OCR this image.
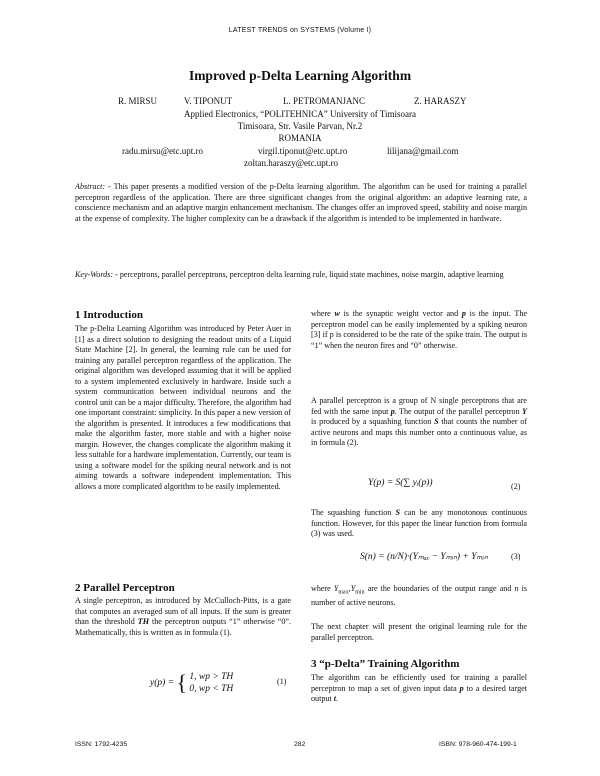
LATEST TRENDS on SYSTEMS (Volume I)
Improved p-Delta Learning Algorithm
R. MIRSU	V. TIPONUT	L. PETROMANJANC	Z. HARASZY
Applied Electronics, “POLITEHNICA” University of Timisoara
Timisoara, Str. Vasile Parvan, Nr.2
ROMANIA
radu.mirsu@etc.upt.ro	virgil.tiponut@etc.upt.ro	lilijana@gmail.com
zoltan.haraszy@etc.upt.ro
Abstract: - This paper presents a modified version of the p-Delta learning algorithm. The algorithm can be used for training a parallel perceptron regardless of the application. There are three significant changes from the original algorithm: an adaptive learning rate, a conscience mechanism and an adaptive margin enhancement mechanism. The changes offer an improved speed, stability and noise margin at the expense of complexity. The higher complexity can be a drawback if the algorithm is intended to be implemented in hardware.
Key-Words: - perceptrons, parallel perceptrons, perceptron delta learning rule, liquid state machines, noise margin, adaptive learning
1 Introduction
The p-Delta Learning Algorithm was introduced by Peter Auer in [1] as a direct solution to designing the readout units of a Liquid State Machine [2]. In general, the learning rule can be used for training any parallel perceptron regardless of the application. The original algorithm was developed assuming that it will be applied to a system implemented exclusively in hardware. Inside such a system communication between individual neurons and the control unit can be a major difficulty. Therefore, the algorithm had one important constraint: simplicity. In this paper a new version of the algorithm is presented. It introduces a few modifications that make the algorithm faster, more stable and with a higher noise margin. However, the changes complicate the algorithm making it less suitable for a hardware implementation. Currently, our team is using a software model for the spiking neural network and is not aiming towards a software independent implementation. This allows a more complicated algorithm to be easily implemented.
2 Parallel Perceptron
A single perceptron, as introduced by McCulloch-Pitts, is a gate that computes an averaged sum of all inputs. If the sum is greater than the threshold TH the perceptron outputs “1” otherwise “0”. Mathematically, this is written as in formula (1).
y(p) = { 1, wp > TH
0, wp < TH
(1)
where w is the synaptic weight vector and p is the input. The perceptron model can be easily implemented by a spiking neuron [3] if p is considered to be the rate of the spike train. The output is “1” when the neuron fires and “0” otherwise.
A parallel perceptron is a group of N single perceptrons that are fed with the same input p. The output of the parallel perceptron Y is produced by a squashing function S that counts the number of active neurons and maps this number onto a continuous value, as in formula (2).
Y(p) = S(∑ yᵢ(p))	(2)
The squashing function S can be any monotonous continuous function. However, for this paper the linear function from formula (3) was used.
S(n) = (n/N)·(Yₘₐₓ − Yₘᵢₙ) + Yₘᵢₙ	(3)
where $Y_{max},Y_{min}$ are the boundaries of the output range and n is number of active neurons.
The next chapter will present the original learning rule for the parallel perceptron.
3 “p-Delta” Training Algorithm
The algorithm can be efficiently used for training a parallel perceptron to map a set of given input data p to a desired target output t.
ISSN: 1792-4235	282	ISBN: 978-960-474-199-1
